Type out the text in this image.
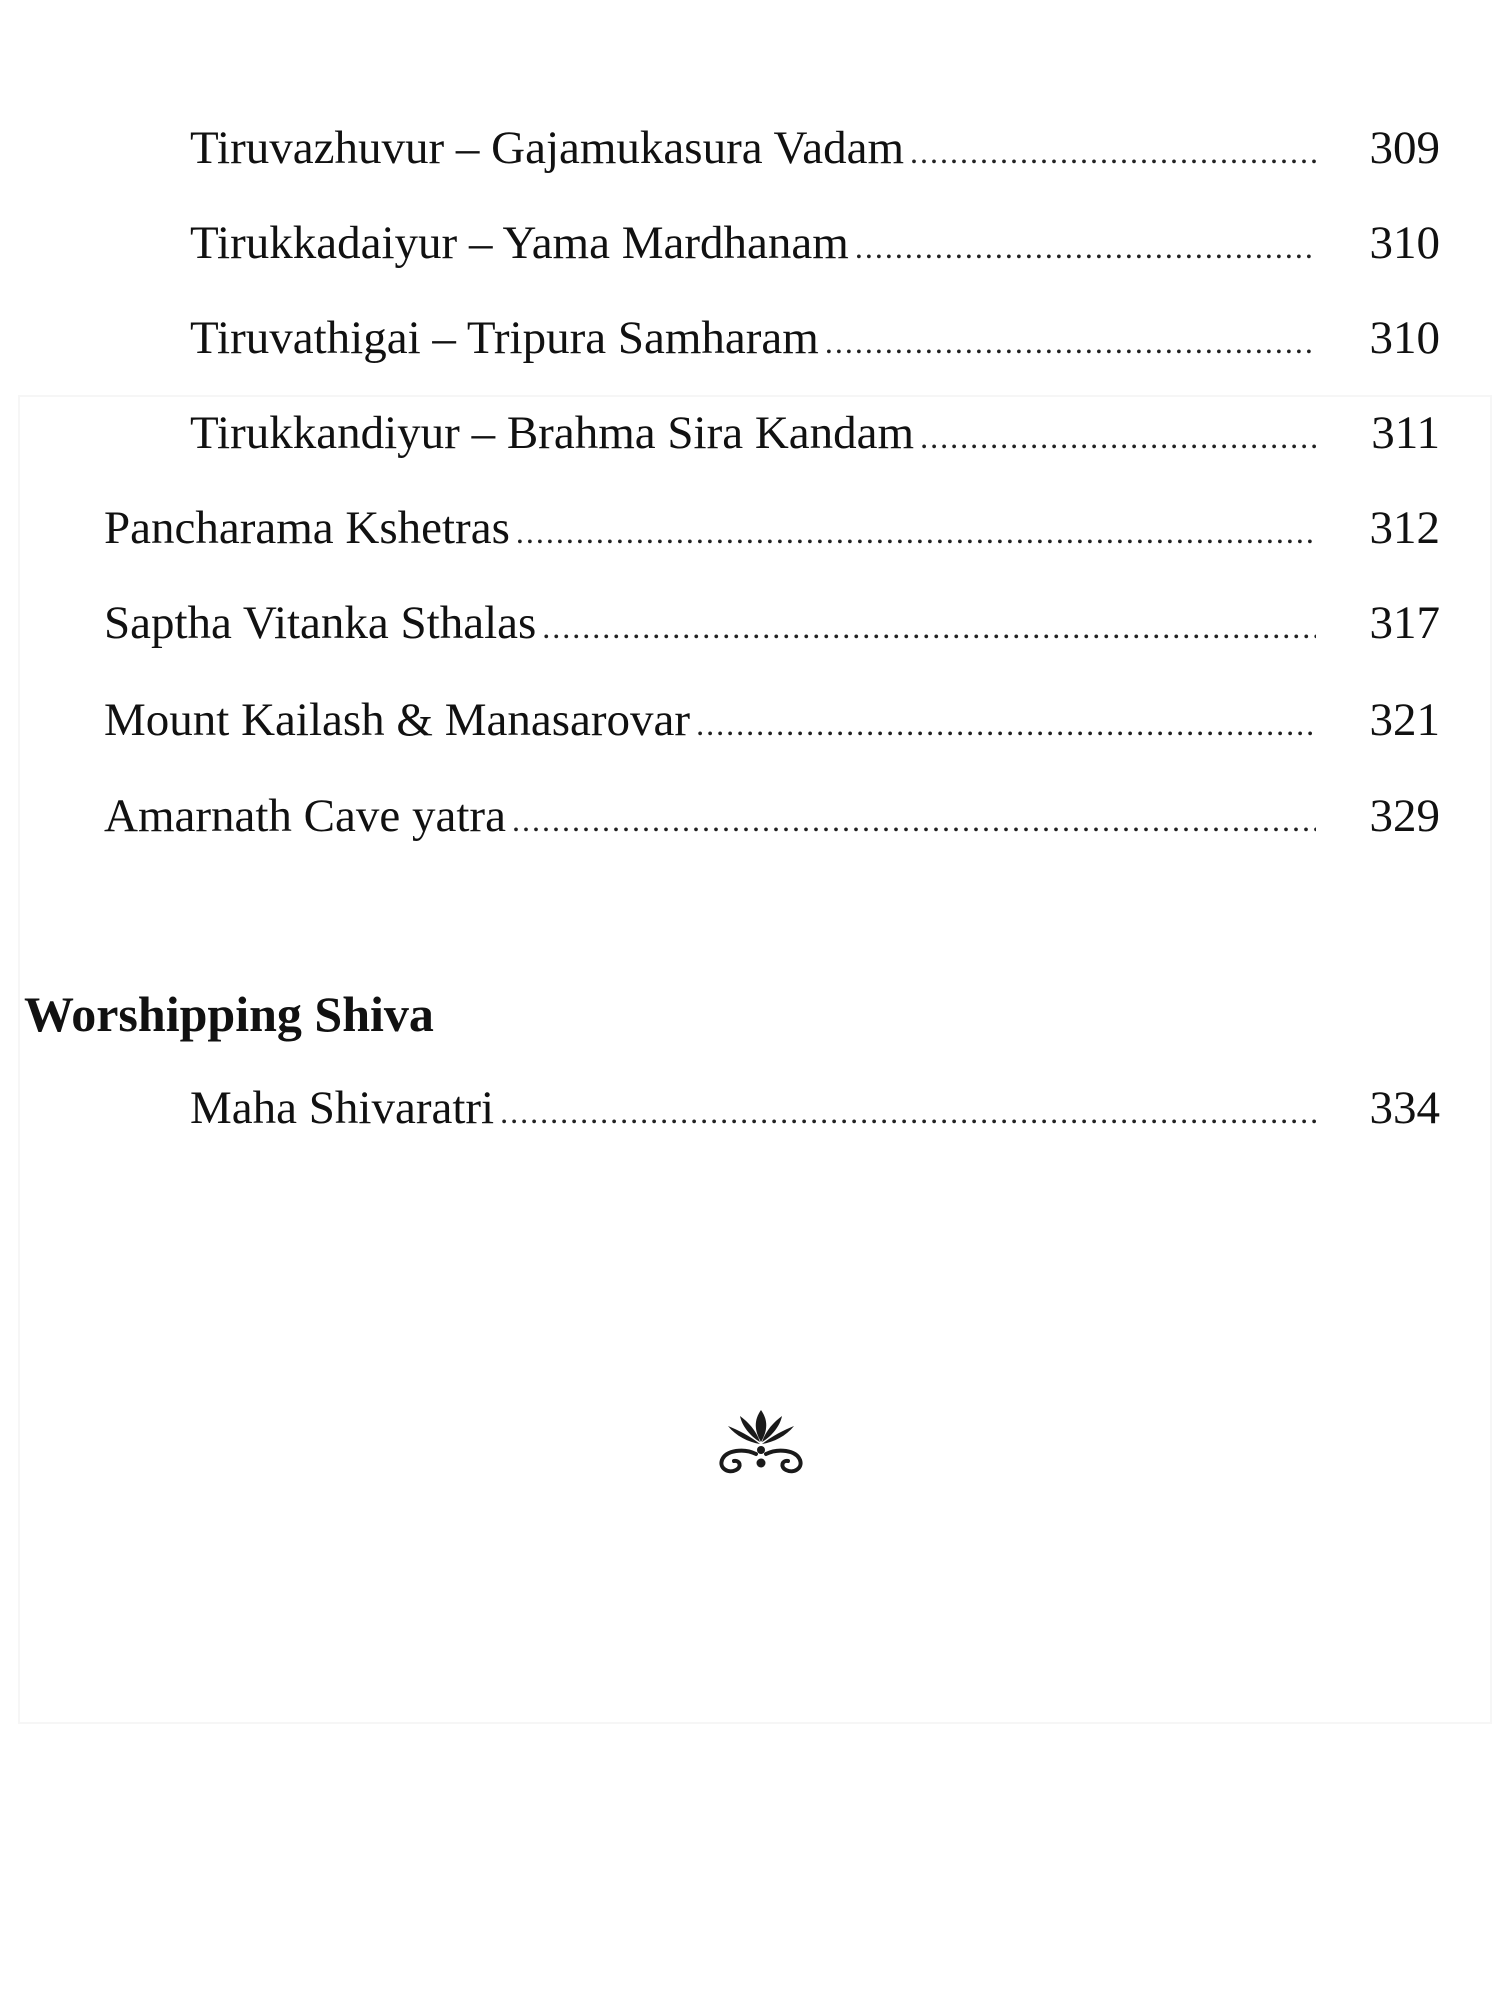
Tiruvazhuvur – Gajamukasura Vadam .....	309
Tirukkadaiyur – Yama Mardhanam .....	310
Tiruvathigai – Tripura Samharam .....	310
Tirukkandiyur – Brahma Sira Kandam .....	311
Pancharama Kshetras .....	312
Saptha Vitanka Sthalas .....	317
Mount Kailash & Manasarovar .....	321
Amarnath Cave yatra .....	329
Worshipping Shiva
Maha Shivaratri .....	334
